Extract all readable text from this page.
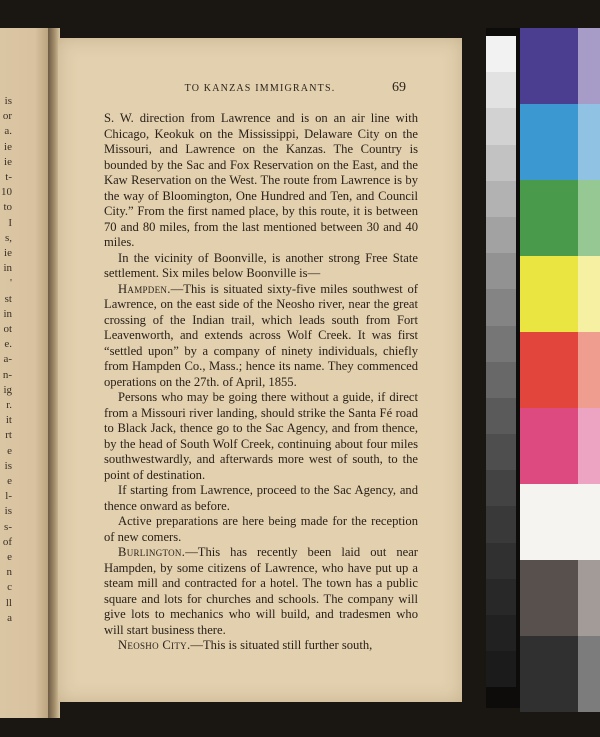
is
or
a.
ie
ie
t-
10
to
I
s,
ie
in
'
st
in
ot
e.
a-
n-
ig
r.
it
rt
e
is
e
l-
is
s-
of
e
n
c
ll
a
TO KANZAS IMMIGRANTS.	69

S. W. direction from Lawrence and is on an air line with Chicago, Keokuk on the Mississippi, Delaware City on the Missouri, and Lawrence on the Kanzas. The Country is bounded by the Sac and Fox Reservation on the East, and the Kaw Reservation on the West. The route from Lawrence is by the way of Bloomington, One Hundred and Ten, and Council City.” From the first named place, by this route, it is between 70 and 80 miles, from the last mentioned between 30 and 40 miles.

In the vicinity of Boonville, is another strong Free State settlement. Six miles below Boonville is—

Hampden.—This is situated sixty-five miles southwest of Lawrence, on the east side of the Neosho river, near the great crossing of the Indian trail, which leads south from Fort Leavenworth, and extends across Wolf Creek. It was first “settled upon” by a company of ninety individuals, chiefly from Hampden Co., Mass.; hence its name. They commenced operations on the 27th. of April, 1855.

Persons who may be going there without a guide, if direct from a Missouri river landing, should strike the Santa Fé road to Black Jack, thence go to the Sac Agency, and from thence, by the head of South Wolf Creek, continuing about four miles southwestwardly, and afterwards more west of south, to the point of destination.

If starting from Lawrence, proceed to the Sac Agency, and thence onward as before.

Active preparations are here being made for the reception of new comers.

Burlington.—This has recently been laid out near Hampden, by some citizens of Lawrence, who have put up a steam mill and contracted for a hotel. The town has a public square and lots for churches and schools. The company will give lots to mechanics who will build, and tradesmen who will start business there.

Neosho City.—This is situated still further south,
